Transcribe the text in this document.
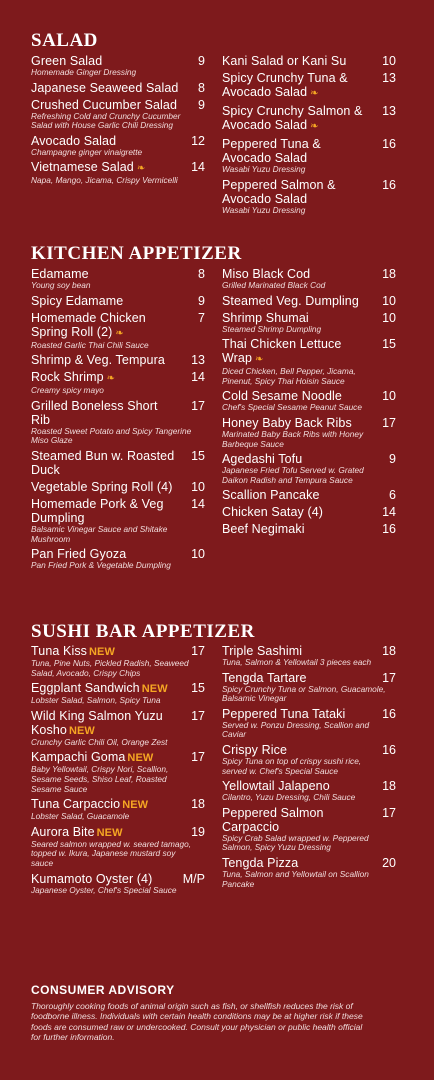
SALAD
9
Green Salad
Homemade Ginger Dressing
8
Japanese Seaweed Salad
9
Crushed Cucumber Salad
Refreshing Cold and Crunchy Cucumber Salad with House Garlic Chili Dressing
12
Avocado Salad
Champagne ginger vinaigrette
14
Vietnamese Salad ❧
Napa, Mango, Jicama, Crispy Vermicelli
10
Kani Salad or Kani Su
13
Spicy Crunchy Tuna & Avocado Salad ❧
13
Spicy Crunchy Salmon & Avocado Salad ❧
16
Peppered Tuna & Avocado Salad
Wasabi Yuzu Dressing
16
Peppered Salmon & Avocado Salad
Wasabi Yuzu Dressing
KITCHEN APPETIZER
8
Edamame
Young soy bean
9
Spicy Edamame
7
Homemade Chicken Spring Roll (2) ❧
Roasted Garlic Thai Chili Sauce
13
Shrimp & Veg. Tempura
14
Rock Shrimp ❧
Creamy spicy mayo
17
Grilled Boneless Short Rib
Roasted Sweet Potato and Spicy Tangerine Miso Glaze
15
Steamed Bun w. Roasted Duck
10
Vegetable Spring Roll (4)
14
Homemade Pork & Veg Dumpling
Balsamic Vinegar Sauce and Shitake Mushroom
10
Pan Fried Gyoza
Pan Fried Pork & Vegetable Dumpling
18
Miso Black Cod
Grilled Marinated Black Cod
10
Steamed Veg. Dumpling
10
Shrimp Shumai
Steamed Shrimp Dumpling
15
Thai Chicken Lettuce Wrap ❧
Diced Chicken, Bell Pepper, Jicama, Pinenut, Spicy Thai Hoisin Sauce
10
Cold Sesame Noodle
Chef's Special Sesame Peanut Sauce
17
Honey Baby Back Ribs
Marinated Baby Back Ribs with Honey Barbeque Sauce
9
Agedashi Tofu
Japanese Fried Tofu Served w. Grated Daikon Radish and Tempura Sauce
6
Scallion Pancake
14
Chicken Satay (4)
16
Beef Negimaki
SUSHI BAR APPETIZER
17
Tuna Kiss NEW
Tuna, Pine Nuts, Pickled Radish, Seaweed Salad, Avocado, Crispy Chips
15
Eggplant Sandwich NEW
Lobster Salad, Salmon, Spicy Tuna
17
Wild King Salmon Yuzu Kosho NEW
Crunchy Garlic Chili Oil, Orange Zest
17
Kampachi Goma NEW
Baby Yellowtail, Crispy Nori, Scallion, Sesame Seeds, Shiso Leaf, Roasted Sesame Sauce
18
Tuna Carpaccio NEW
Lobster Salad, Guacamole
19
Aurora Bite NEW
Seared salmon wrapped w. seared tamago, topped w. Ikura, Japanese mustard soy sauce
M/P
Kumamoto Oyster (4)
Japanese Oyster, Chef's Special Sauce
18
Triple Sashimi
Tuna, Salmon & Yellowtail 3 pieces each
17
Tengda Tartare
Spicy Crunchy Tuna or Salmon, Guacamole, Balsamic Vinegar
16
Peppered Tuna Tataki
Served w. Ponzu Dressing, Scallion and Caviar
16
Crispy Rice
Spicy Tuna on top of crispy sushi rice, served w. Chef's Special Sauce
18
Yellowtail Jalapeno
Cilantro, Yuzu Dressing, Chili Sauce
17
Peppered Salmon Carpaccio
Spicy Crab Salad wrapped w. Peppered Salmon, Spicy Yuzu Dressing
20
Tengda Pizza
Tuna, Salmon and Yellowtail on Scallion Pancake
CONSUMER ADVISORY

Thoroughly cooking foods of animal origin such as fish, or shellfish reduces the risk of foodborne illness. Individuals with certain health conditions may be at higher risk if these foods are consumed raw or undercooked. Consult your physician or public health official for further information.
